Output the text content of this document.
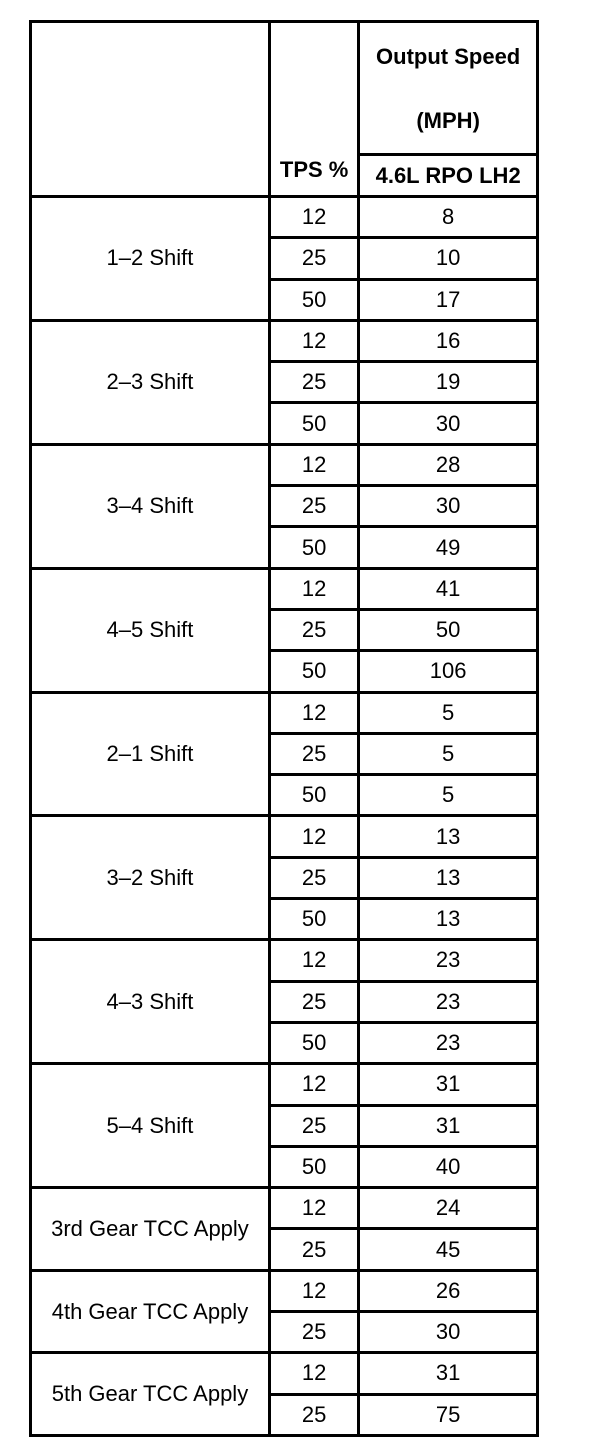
	TPS %	Output Speed
(MPH)

		4.6L RPO LH2
1–2 Shift	12	8
	25	10
	50	17
2–3 Shift	12	16
	25	19
	50	30
3–4 Shift	12	28
	25	30
	50	49
4–5 Shift	12	41
	25	50
	50	106
2–1 Shift	12	5
	25	5
	50	5
3–2 Shift	12	13
	25	13
	50	13
4–3 Shift	12	23
	25	23
	50	23
5–4 Shift	12	31
	25	31
	50	40
3rd Gear TCC Apply	12	24
	25	45
4th Gear TCC Apply	12	26
	25	30
5th Gear TCC Apply	12	31
	25	75
